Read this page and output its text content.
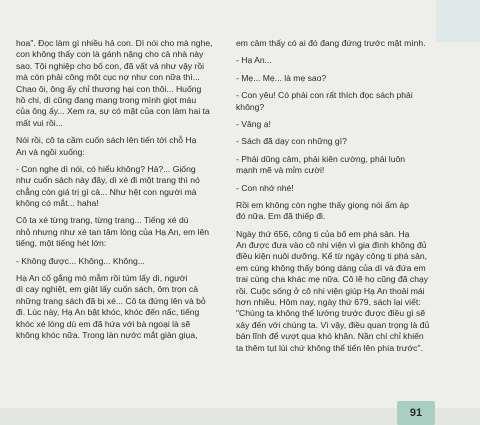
hoa". Đọc làm gì nhiều hả con. Dì nói cho mà nghe,
con không thấy con là gánh nặng cho cả nhà này
sao. Tội nghiệp cho bố con, đã vất vả như vậy rồi
mà còn phải công một cục nợ như con nữa thì...
Chao ôi, ông ấy chỉ thương hại con thôi... Huống
hồ chi, dì cũng đang mang trong mình giọt máu
của ông ấy... Xem ra, sự có mặt của con làm hai ta
mất vui rồi...
Nói rồi, cô ta cầm cuốn sách lên tiến tới chỗ Hạ
An và ngồi xuống:
- Con nghe dì nói, có hiểu không? Hả?... Giống
như cuốn sách này đây, dì xé đi một trang thì nó
chẳng còn giá trị gì cả... Như hệt con người mà
không có mắt... haha!
Cô ta xé từng trang, từng trang... Tiếng xé dù
nhỏ nhưng như xé tan tâm lòng của Hạ An, em lên
tiếng, một tiếng hét lớn:
- Không được... Không... Không...
Hạ An cố gắng mò mẫm rồi túm lấy dì, người
dì cay nghiệt, em giật lấy cuốn sách, ôm trọn cả
những trang sách đã bị xé... Cô ta đứng lên và bỏ
đi. Lúc này, Hạ An bật khóc, khóc đến nấc, tiếng
khóc xé lòng dù em đã hứa với bà ngoại là sẽ
không khóc nữa. Trong làn nước mắt giàn giụa,
em cảm thấy có ai đó đang đứng trước mặt mình.
- Hạ An...
- Mẹ... Mẹ... là mẹ sao?
- Con yêu! Có phải con rất thích đọc sách phải
không?
- Vâng ạ!
- Sách đã dạy con những gì?
- Phải dũng cảm, phải kiên cường, phải luôn
mạnh mẽ và mỉm cười!
- Con nhớ nhé!
Rồi em không còn nghe thấy giọng nói ấm áp
đó nữa. Em đã thiếp đi.
Ngày thứ 656, công ti của bố em phá sản. Hạ
An được đưa vào cô nhi viện vì gia đình không đủ
điều kiện nuôi dưỡng. Kể từ ngày công ti phá sản,
em cùng không thấy bóng dáng của dì và đứa em
trai cùng cha khác mẹ nữa. Cô lẽ họ cũng đã chạy
rồi. Cuộc sống ở cô nhi viện giúp Hạ An thoải mái
hơn nhiều. Hôm nay, ngày thứ 679, sách lại viết:
"Chúng ta không thể lường trước được điều gì sẽ
xảy đến với chúng ta. Vì vậy, điều quan trọng là đủ
bản lĩnh để vượt qua khó khăn. Nần chí chỉ khiến
ta thêm tụt lùi chứ không thể tiến lên phía trước".
91
